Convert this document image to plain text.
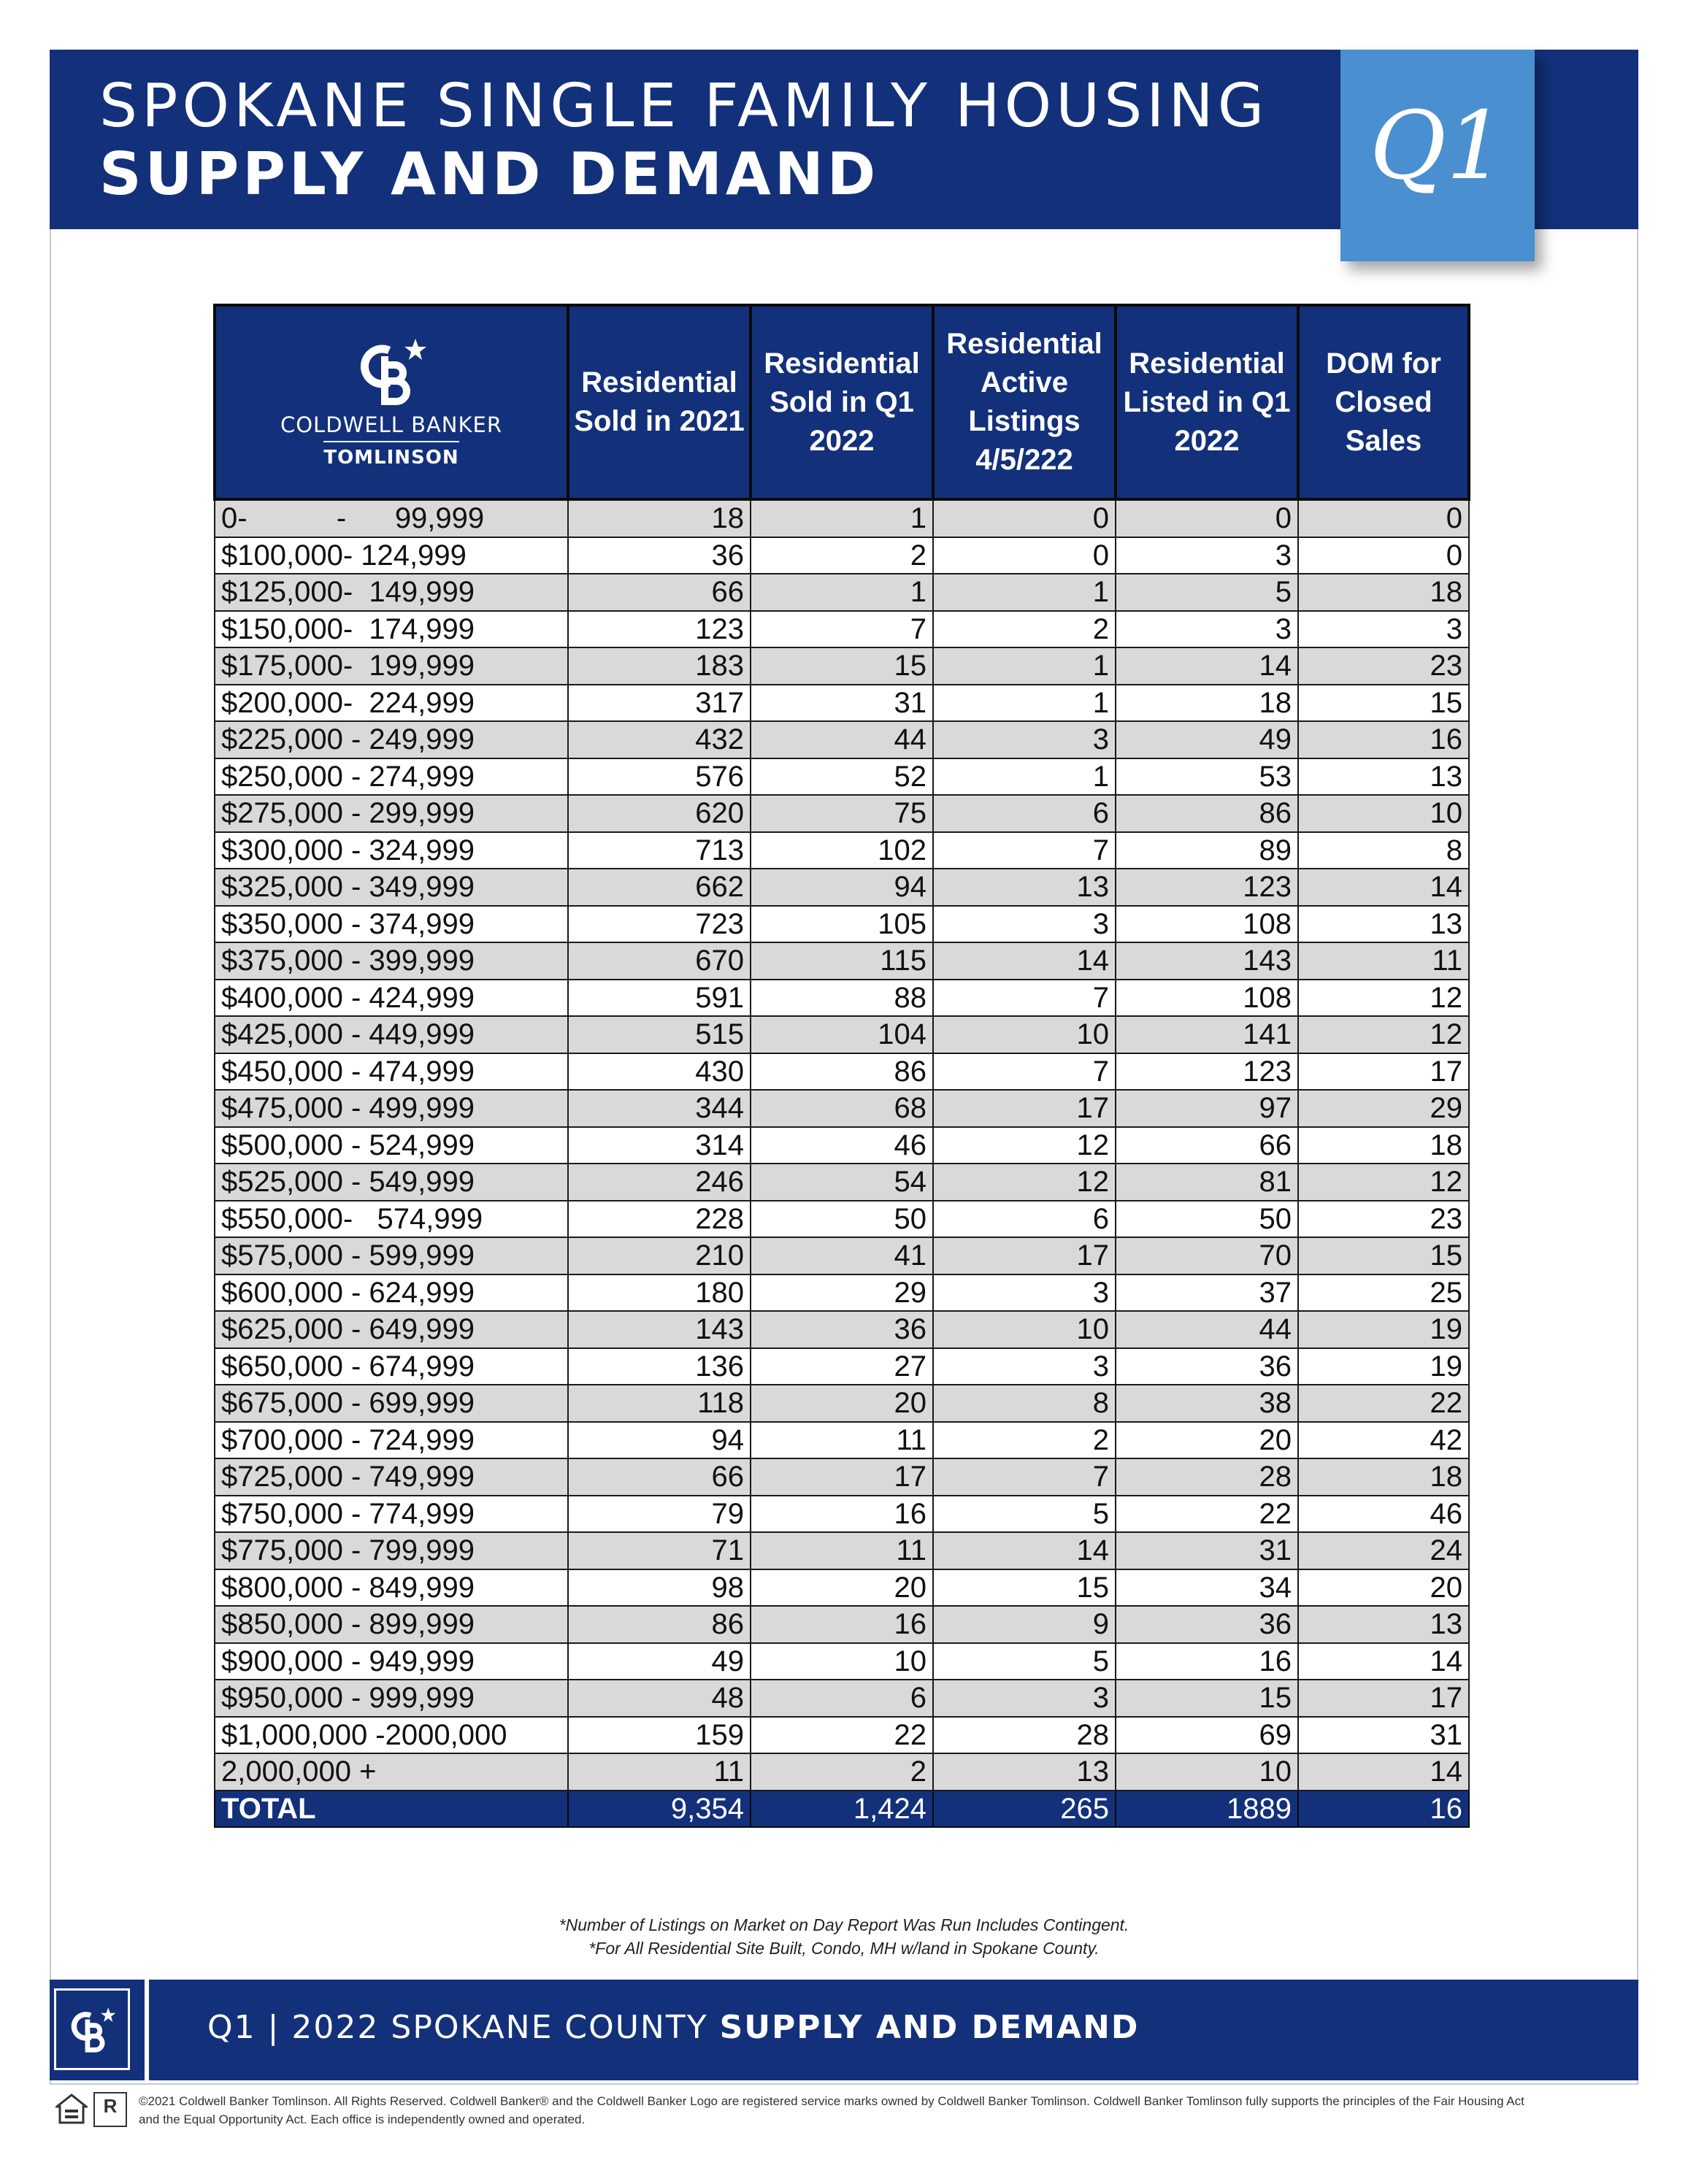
SPOKANE SINGLE FAMILY HOUSING
SUPPLY AND DEMAND	Q1
COLDWELL BANKER
TOMLINSON	Residential Sold in 2021	Residential Sold in Q1 2022	Residential Active Listings 4/5/222	Residential Listed in Q1 2022	DOM for Closed Sales
0-           -      99,999	18	1	0	0	0
$100,000- 124,999	36	2	0	3	0
$125,000-  149,999	66	1	1	5	18
$150,000-  174,999	123	7	2	3	3
$175,000-  199,999	183	15	1	14	23
$200,000-  224,999	317	31	1	18	15
$225,000 - 249,999	432	44	3	49	16
$250,000 - 274,999	576	52	1	53	13
$275,000 - 299,999	620	75	6	86	10
$300,000 - 324,999	713	102	7	89	8
$325,000 - 349,999	662	94	13	123	14
$350,000 - 374,999	723	105	3	108	13
$375,000 - 399,999	670	115	14	143	11
$400,000 - 424,999	591	88	7	108	12
$425,000 - 449,999	515	104	10	141	12
$450,000 - 474,999	430	86	7	123	17
$475,000 - 499,999	344	68	17	97	29
$500,000 - 524,999	314	46	12	66	18
$525,000 - 549,999	246	54	12	81	12
$550,000-   574,999	228	50	6	50	23
$575,000 - 599,999	210	41	17	70	15
$600,000 - 624,999	180	29	3	37	25
$625,000 - 649,999	143	36	10	44	19
$650,000 - 674,999	136	27	3	36	19
$675,000 - 699,999	118	20	8	38	22
$700,000 - 724,999	94	11	2	20	42
$725,000 - 749,999	66	17	7	28	18
$750,000 - 774,999	79	16	5	22	46
$775,000 - 799,999	71	11	14	31	24
$800,000 - 849,999	98	20	15	34	20
$850,000 - 899,999	86	16	9	36	13
$900,000 - 949,999	49	10	5	16	14
$950,000 - 999,999	48	6	3	15	17
$1,000,000 -2000,000	159	22	28	69	31
2,000,000 +	11	2	13	10	14
TOTAL	9,354	1,424	265	1889	16
*Number of Listings on Market on Day Report Was Run Includes Contingent.
*For All Residential Site Built, Condo, MH w/land in Spokane County.
Q1 | 2022 SPOKANE COUNTY SUPPLY AND DEMAND
R	©2021 Coldwell Banker Tomlinson. All Rights Reserved. Coldwell Banker® and the Coldwell Banker Logo are registered service marks owned by Coldwell Banker Tomlinson. Coldwell Banker Tomlinson fully supports the principles of the Fair Housing Act
and the Equal Opportunity Act. Each office is independently owned and operated.
